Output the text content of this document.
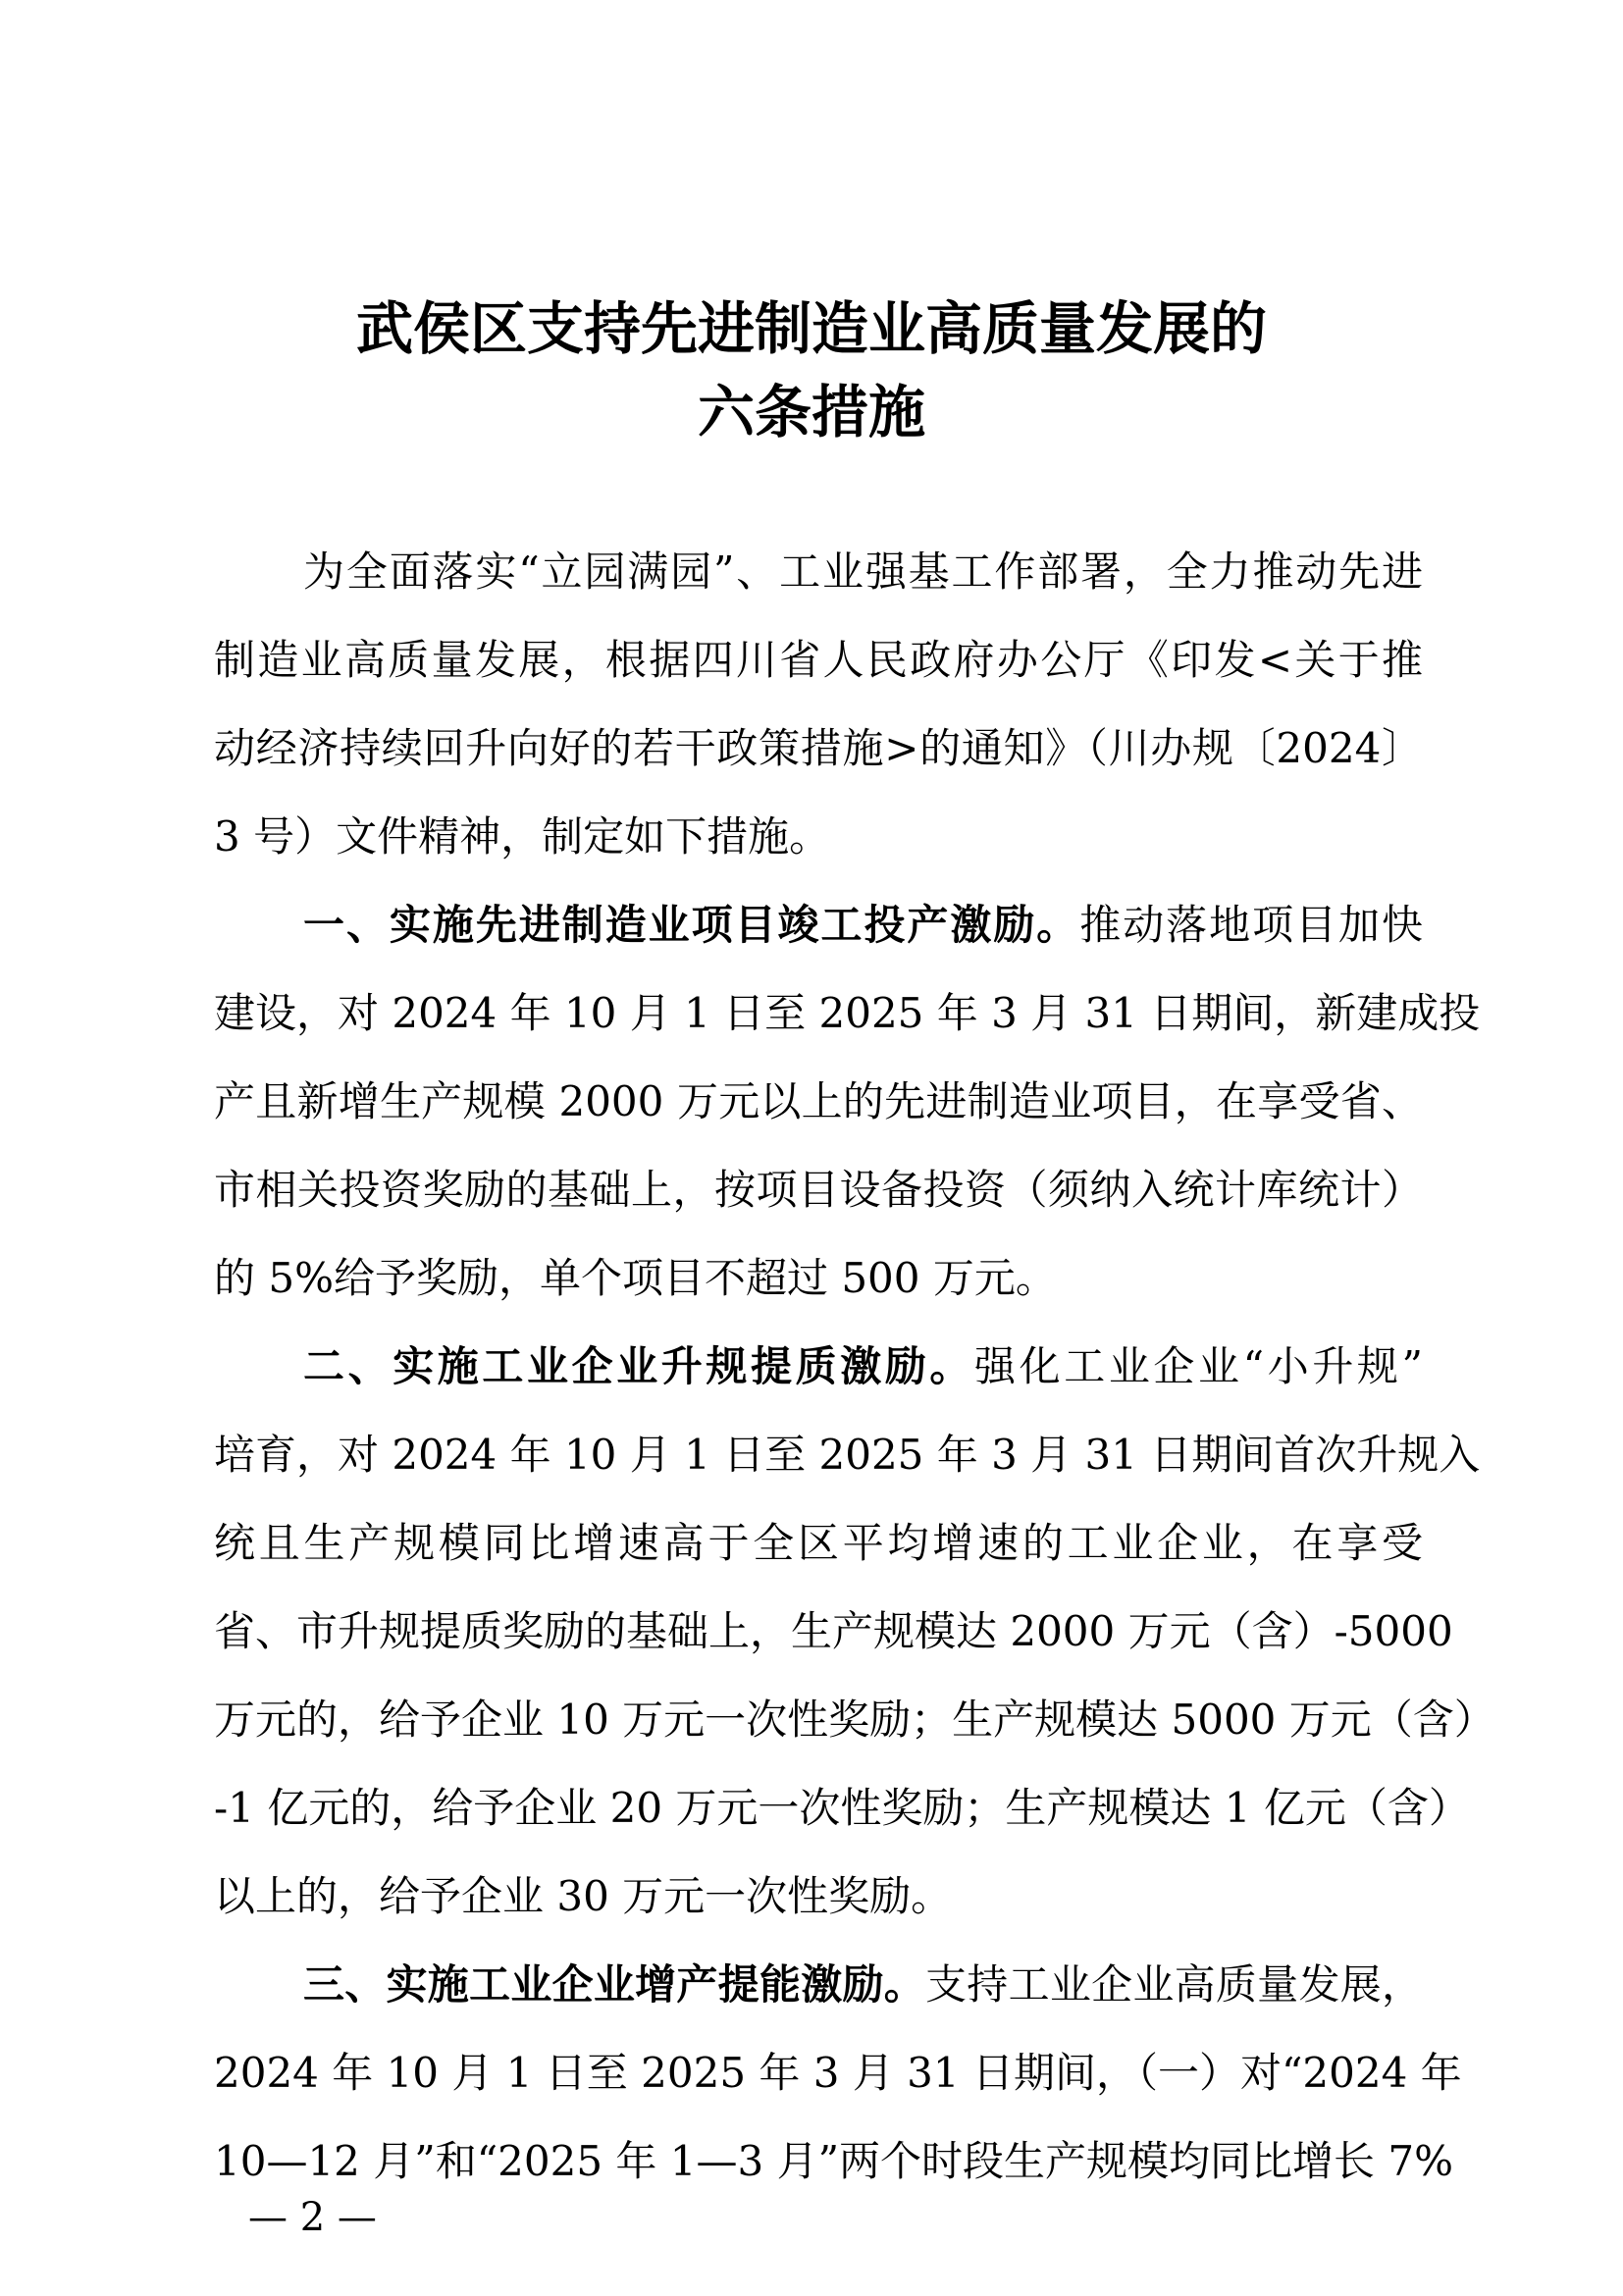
武侯区支持先进制造业高质量发展的
六条措施
为全面落实“立园满园”、工业强基工作部署，全力推动先进
制造业高质量发展，根据四川省人民政府办公厅《印发<关于推
动经济持续回升向好的若干政策措施>的通知》（川办规〔2024〕
3 号）文件精神，制定如下措施。
一、实施先进制造业项目竣工投产激励。推动落地项目加快
建设，对 2024 年 10 月 1 日至 2025 年 3 月 31 日期间，新建成投
产且新增生产规模 2000 万元以上的先进制造业项目，在享受省、
市相关投资奖励的基础上，按项目设备投资（须纳入统计库统计）
的 5%给予奖励，单个项目不超过 500 万元。
二、实施工业企业升规提质激励。强化工业企业“小升规”
培育，对 2024 年 10 月 1 日至 2025 年 3 月 31 日期间首次升规入
统且生产规模同比增速高于全区平均增速的工业企业，在享受
省、市升规提质奖励的基础上，生产规模达 2000 万元（含）-5000
万元的，给予企业 10 万元一次性奖励；生产规模达 5000 万元（含）
-1 亿元的，给予企业 20 万元一次性奖励；生产规模达 1 亿元（含）
以上的，给予企业 30 万元一次性奖励。
三、实施工业企业增产提能激励。支持工业企业高质量发展，
2024 年 10 月 1 日至 2025 年 3 月 31 日期间，（一）对“2024 年
10—12 月”和“2025 年 1—3 月”两个时段生产规模均同比增长 7%
— 2 —
